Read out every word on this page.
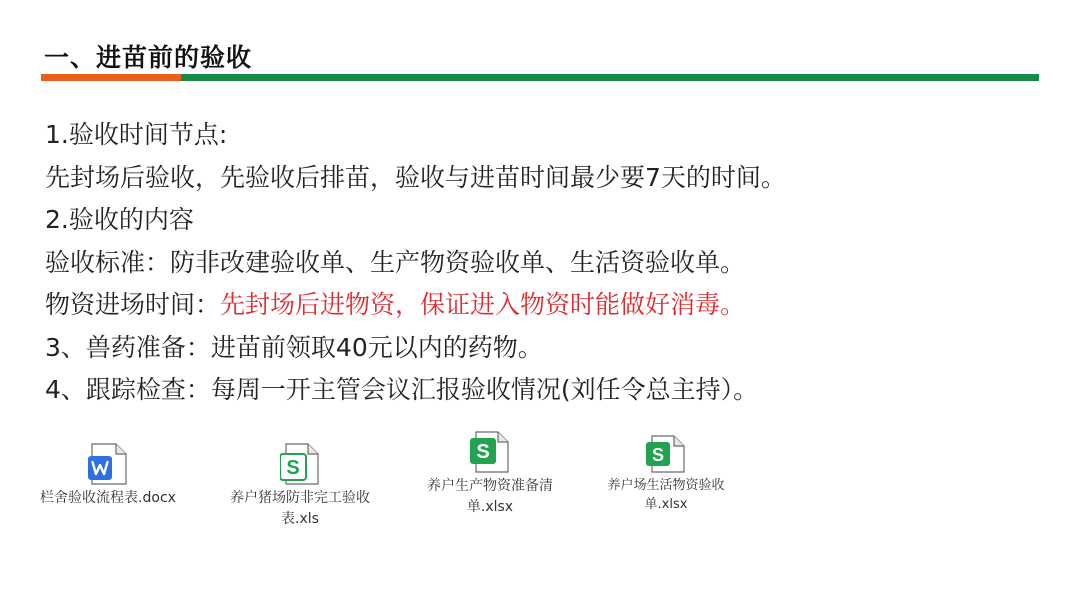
一、进苗前的验收
1.验收时间节点:
先封场后验收，先验收后排苗，验收与进苗时间最少要7天的时间。
2.验收的内容
验收标准：防非改建验收单、生产物资验收单、生活资验收单。
物资进场时间：先封场后进物资，保证进入物资时能做好消毒。
3、兽药准备：进苗前领取40元以内的药物。
4、跟踪检查：每周一开主管会议汇报验收情况(刘任令总主持）。
栏舍验收流程表.docx
S
养户猪场防非完工验收表.xls
S
养户生产物资准备清单.xlsx
S
养户场生活物资验收单.xlsx
